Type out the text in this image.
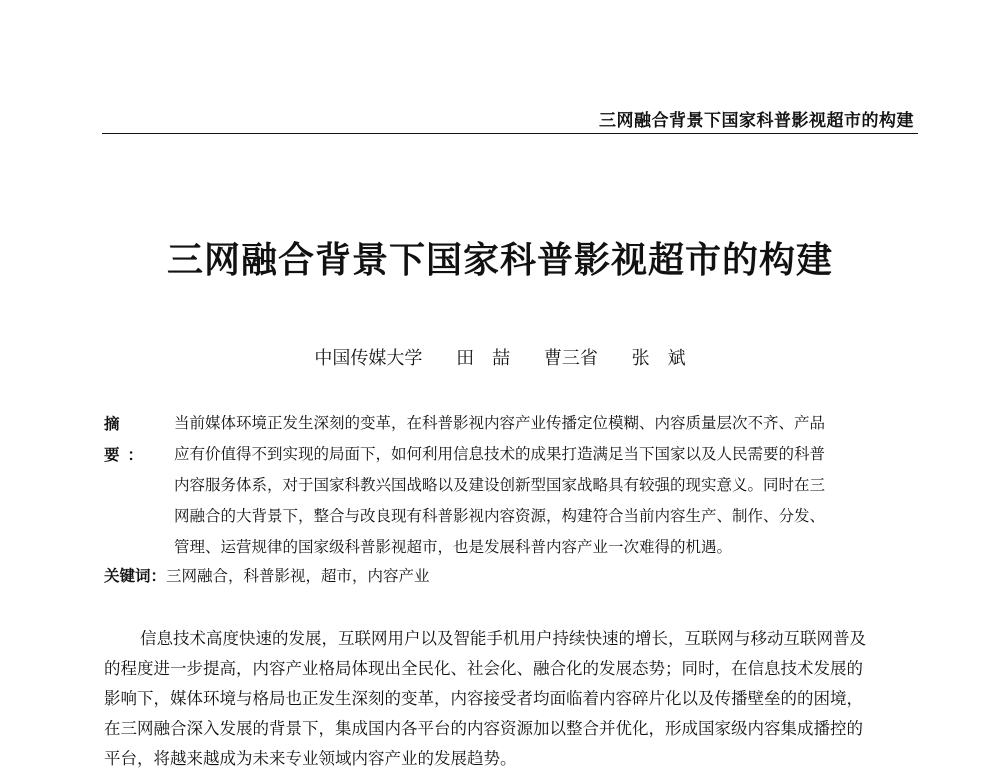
三网融合背景下国家科普影视超市的构建
三网融合背景下国家科普影视超市的构建
中国传媒大学 田　喆 曹三省 张　斌
摘　要：
当前媒体环境正发生深刻的变革，在科普影视内容产业传播定位模糊、内容质量层次不齐、产品
应有价值得不到实现的局面下，如何利用信息技术的成果打造满足当下国家以及人民需要的科普
内容服务体系，对于国家科教兴国战略以及建设创新型国家战略具有较强的现实意义。同时在三
网融合的大背景下，整合与改良现有科普影视内容资源，构建符合当前内容生产、制作、分发、
管理、运营规律的国家级科普影视超市，也是发展科普内容产业一次难得的机遇。
关键词：三网融合，科普影视，超市，内容产业
信息技术高度快速的发展，互联网用户以及智能手机用户持续快速的增长，互联网与移动互联网普及
的程度进一步提高，内容产业格局体现出全民化、社会化、融合化的发展态势；同时，在信息技术发展的
影响下，媒体环境与格局也正发生深刻的变革，内容接受者均面临着内容碎片化以及传播壁垒的的困境，
在三网融合深入发展的背景下，集成国内各平台的内容资源加以整合并优化，形成国家级内容集成播控的
平台，将越来越成为未来专业领域内容产业的发展趋势。
